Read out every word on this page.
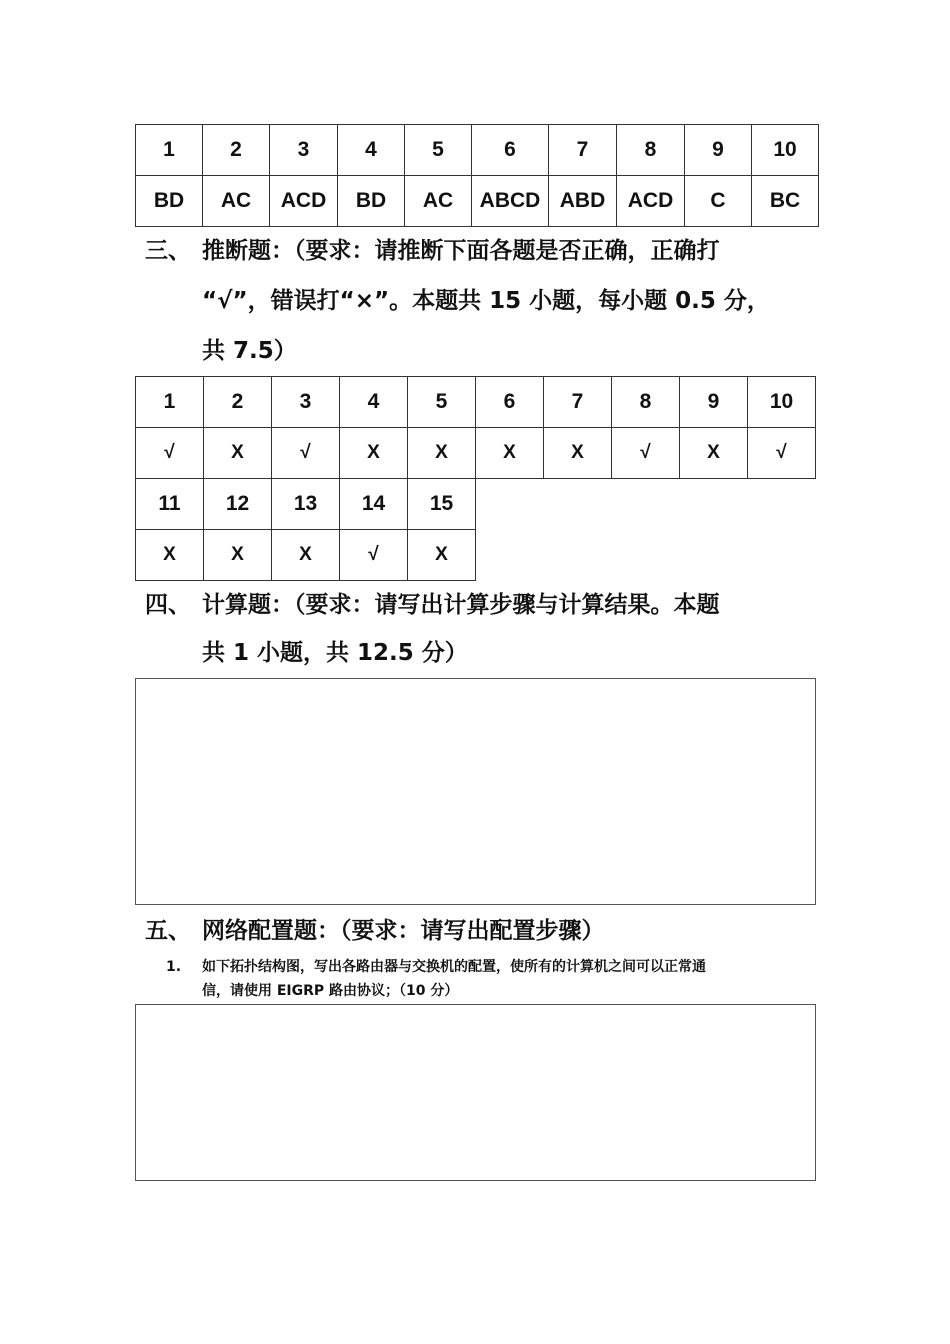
1	2	3	4	5	6	7	8	9	10
BD	AC	ACD	BD	AC	ABCD	ABD	ACD	C	BC
三、 推断题：（要求：请推断下面各题是否正确，正确打
“√”，错误打“×”。本题共 15 小题，每小题 0.5 分，
共 7.5）
1	2	3	4	5	6	7	8	9	10
√	X	√	X	X	X	X	√	X	√
11	12	13	14	15					
X	X	X	√	X					
四、 计算题：（要求：请写出计算步骤与计算结果。本题
共 1 小题，共 12.5 分）
五、 网络配置题：（要求：请写出配置步骤）
1. 如下拓扑结构图，写出各路由器与交换机的配置，使所有的计算机之间可以正常通
信，请使用 EIGRP 路由协议；（10 分）
